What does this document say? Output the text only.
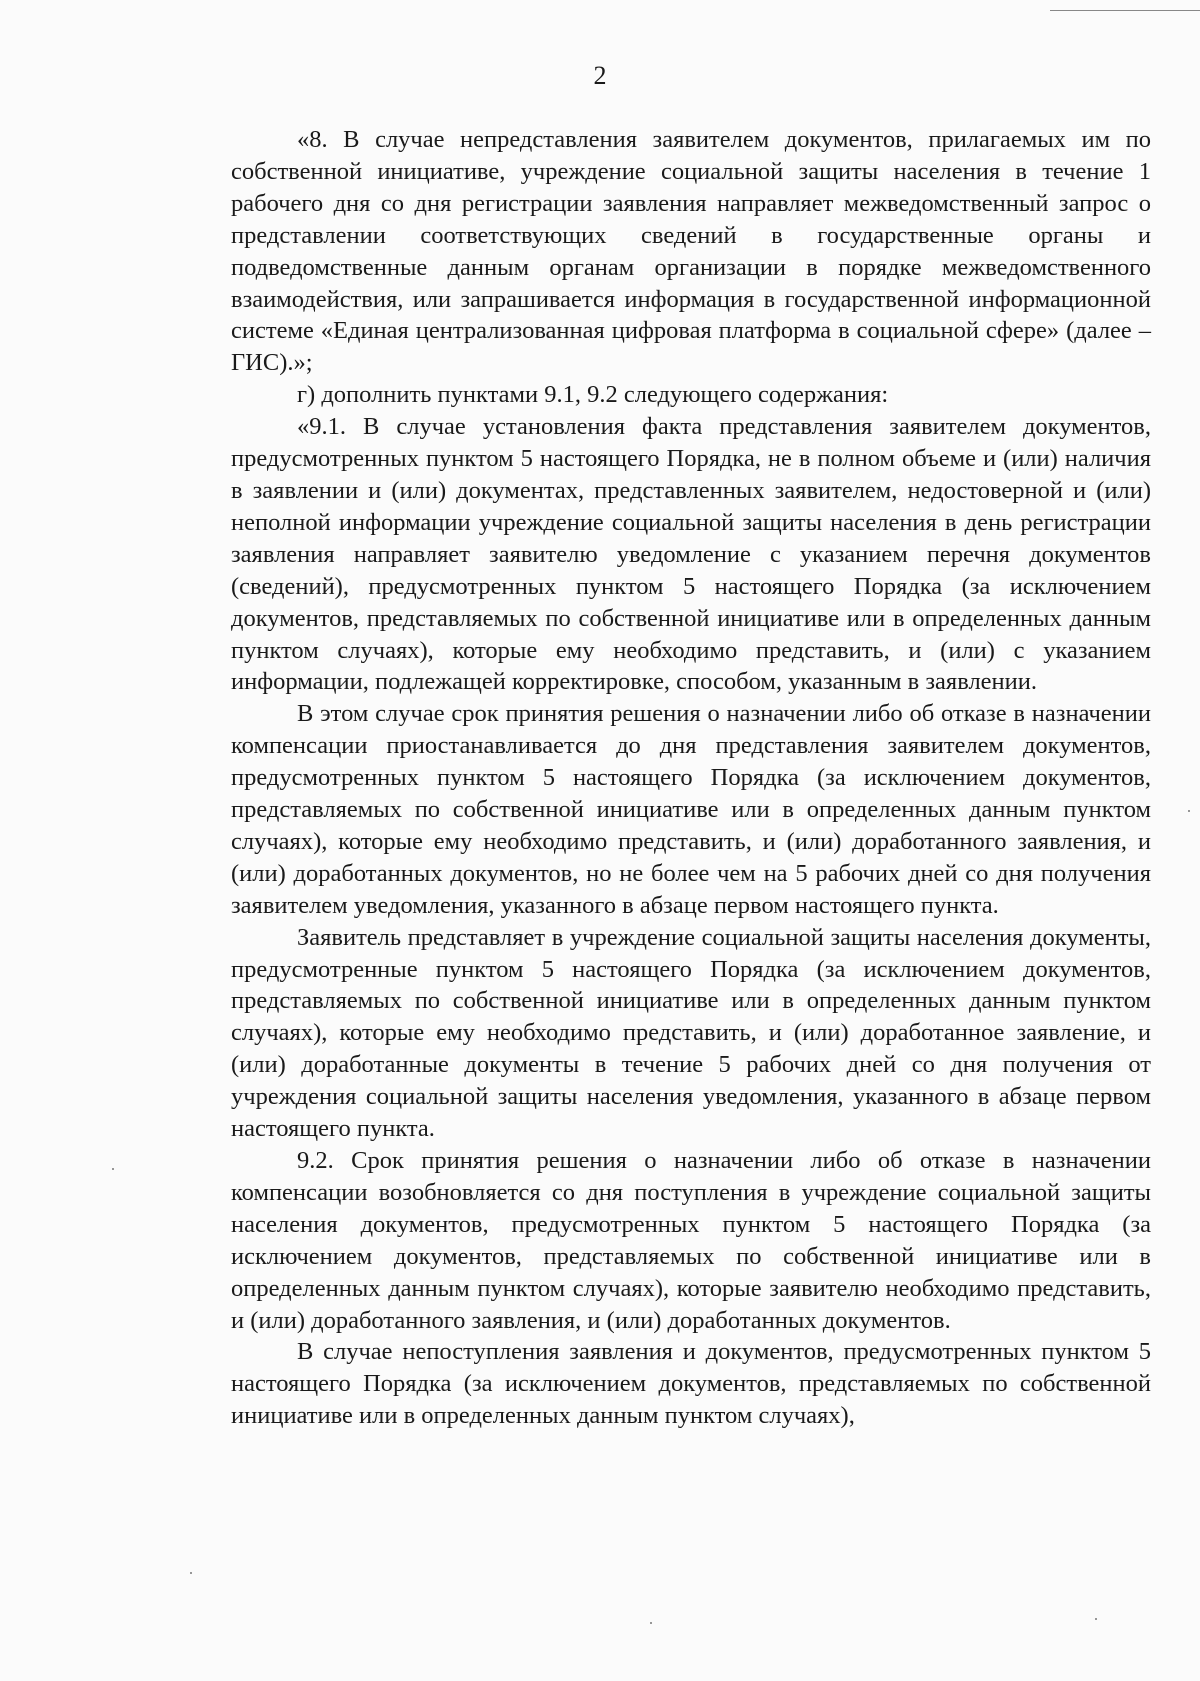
2

«8. В случае непредставления заявителем документов, прилагаемых им по собственной инициативе, учреждение социальной защиты населения в течение 1 рабочего дня со дня регистрации заявления направляет межведомственный запрос о представлении соответствующих сведений в государственные органы и подведомственные данным органам организации в порядке межведомственного взаимодействия, или запрашивается информация в государственной информационной системе «Единая централизованная цифровая платформа в социальной сфере» (далее – ГИС).»;

г) дополнить пунктами 9.1, 9.2 следующего содержания:

«9.1. В случае установления факта представления заявителем документов, предусмотренных пунктом 5 настоящего Порядка, не в полном объеме и (или) наличия в заявлении и (или) документах, представленных заявителем, недостоверной и (или) неполной информации учреждение социальной защиты населения в день регистрации заявления направляет заявителю уведомление с указанием перечня документов (сведений), предусмотренных пунктом 5 настоящего Порядка (за исключением документов, представляемых по собственной инициативе или в определенных данным пунктом случаях), которые ему необходимо представить, и (или) с указанием информации, подлежащей корректировке, способом, указанным в заявлении.

В этом случае срок принятия решения о назначении либо об отказе в назначении компенсации приостанавливается до дня представления заявителем документов, предусмотренных пунктом 5 настоящего Порядка (за исключением документов, представляемых по собственной инициативе или в определенных данным пунктом случаях), которые ему необходимо представить, и (или) доработанного заявления, и (или) доработанных документов, но не более чем на 5 рабочих дней со дня получения заявителем уведомления, указанного в абзаце первом настоящего пункта.

Заявитель представляет в учреждение социальной защиты населения документы, предусмотренные пунктом 5 настоящего Порядка (за исключением документов, представляемых по собственной инициативе или в определенных данным пунктом случаях), которые ему необходимо представить, и (или) доработанное заявление, и (или) доработанные документы в течение 5 рабочих дней со дня получения от учреждения социальной защиты населения уведомления, указанного в абзаце первом настоящего пункта.

9.2. Срок принятия решения о назначении либо об отказе в назначении компенсации возобновляется со дня поступления в учреждение социальной защиты населения документов, предусмотренных пунктом 5 настоящего Порядка (за исключением документов, представляемых по собственной инициативе или в определенных данным пунктом случаях), которые заявителю необходимо представить, и (или) доработанного заявления, и (или) доработанных документов.

В случае непоступления заявления и документов, предусмотренных пунктом 5 настоящего Порядка (за исключением документов, представляемых по собственной инициативе или в определенных данным пунктом случаях),
